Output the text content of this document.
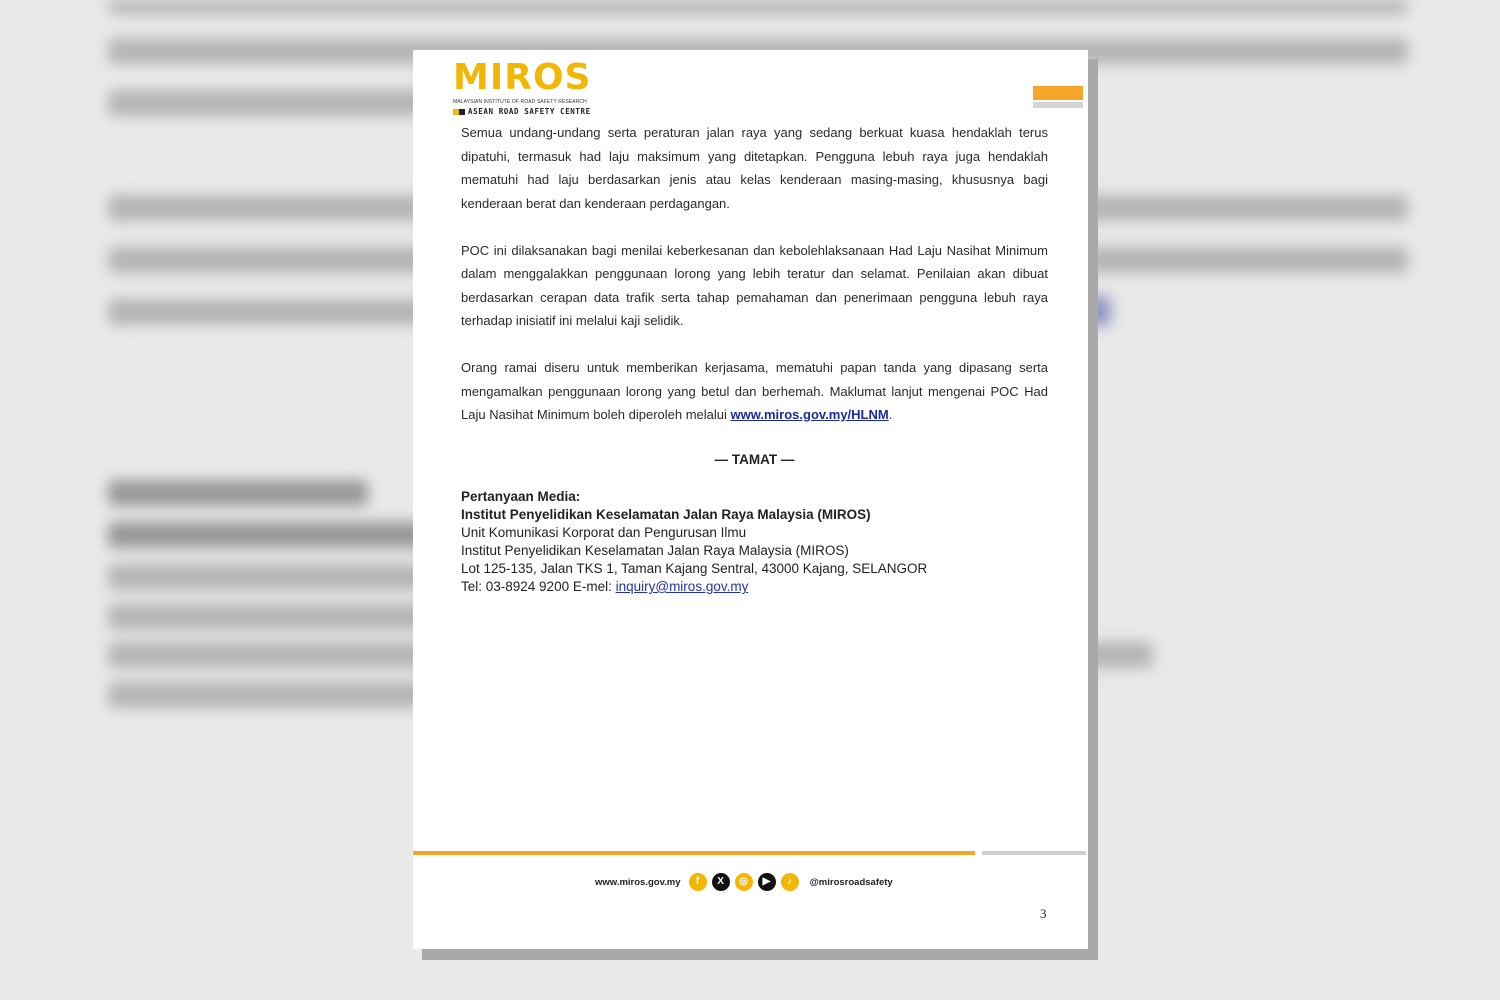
MIROS
MALAYSIAN INSTITUTE OF ROAD SAFETY RESEARCH
ASEAN ROAD SAFETY CENTRE

Semua undang-undang serta peraturan jalan raya yang sedang berkuat kuasa hendaklah terus dipatuhi, termasuk had laju maksimum yang ditetapkan. Pengguna lebuh raya juga hendaklah mematuhi had laju berdasarkan jenis atau kelas kenderaan masing-masing, khususnya bagi kenderaan berat dan kenderaan perdagangan.

POC ini dilaksanakan bagi menilai keberkesanan dan kebolehlaksanaan Had Laju Nasihat Minimum dalam menggalakkan penggunaan lorong yang lebih teratur dan selamat. Penilaian akan dibuat berdasarkan cerapan data trafik serta tahap pemahaman dan penerimaan pengguna lebuh raya terhadap inisiatif ini melalui kaji selidik.

Orang ramai diseru untuk memberikan kerjasama, mematuhi papan tanda yang dipasang serta mengamalkan penggunaan lorong yang betul dan berhemah. Maklumat lanjut mengenai POC Had Laju Nasihat Minimum boleh diperoleh melalui www.miros.gov.my/HLNM.

— TAMAT —
Pertanyaan Media:
Institut Penyelidikan Keselamatan Jalan Raya Malaysia (MIROS)
Unit Komunikasi Korporat dan Pengurusan Ilmu
Institut Penyelidikan Keselamatan Jalan Raya Malaysia (MIROS)
Lot 125-135, Jalan TKS 1, Taman Kajang Sentral, 43000 Kajang, SELANGOR
Tel: 03-8924 9200 E-mel: inquiry@miros.gov.my
www.miros.gov.my	f	X	◎	▶	♪	@mirosroadsafety
3
